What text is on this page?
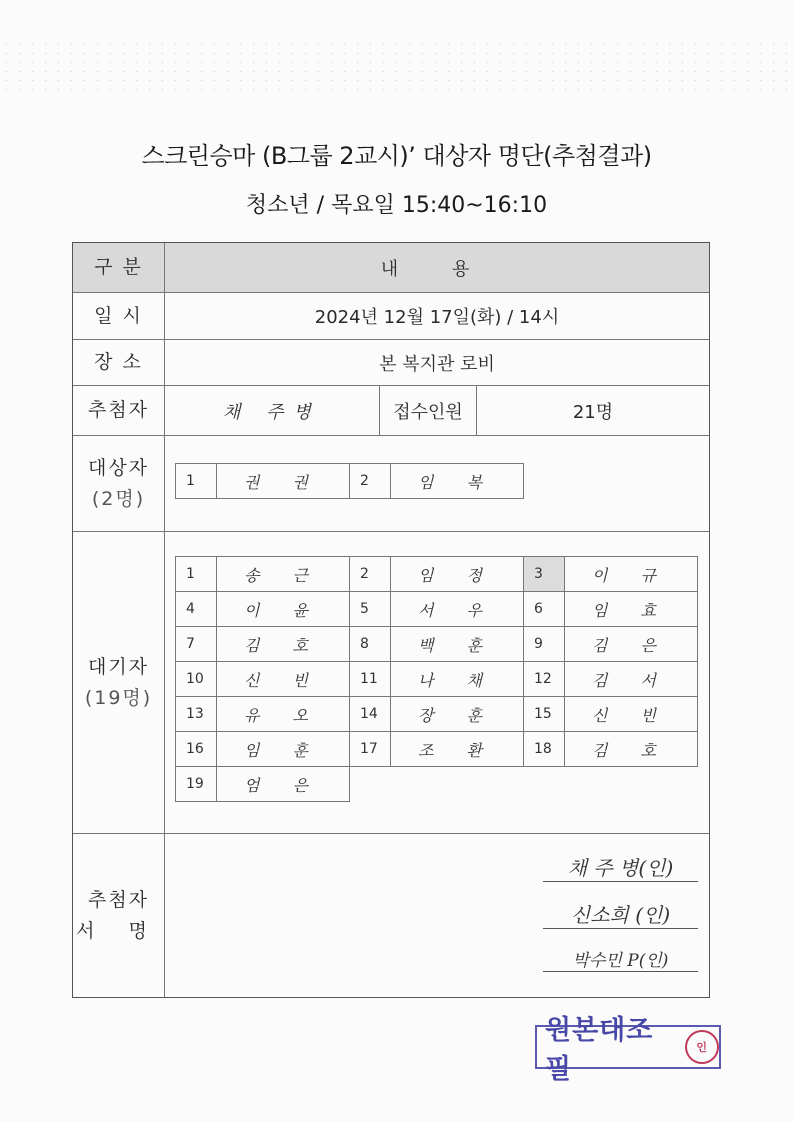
스크린승마 (B그룹 2교시)’ 대상자 명단(추첨결과)
청소년 / 목요일 15:40~16:10
구 분	내 용
일 시	2024년 12월 17일(화) / 14시
장 소	본 복지관 로비
추첨자	채 주병	접수인원	21명
대상자
(2명)
1	권 권	2	임 복
대기자
(19명)
1	송 근	2	임 정	3	이 규
4	이 윤	5	서 우	6	임 효
7	김 호	8	백 훈	9	김 은
10	신 빈	11	나 채	12	김 서
13	유 오	14	장 훈	15	신 빈
16	임 훈	17	조 환	18	김 호
19	엄 은				
추첨자
서 명
채 주 병(인)
신소희 (인)
박수민 P(인)
원본대조필
인
